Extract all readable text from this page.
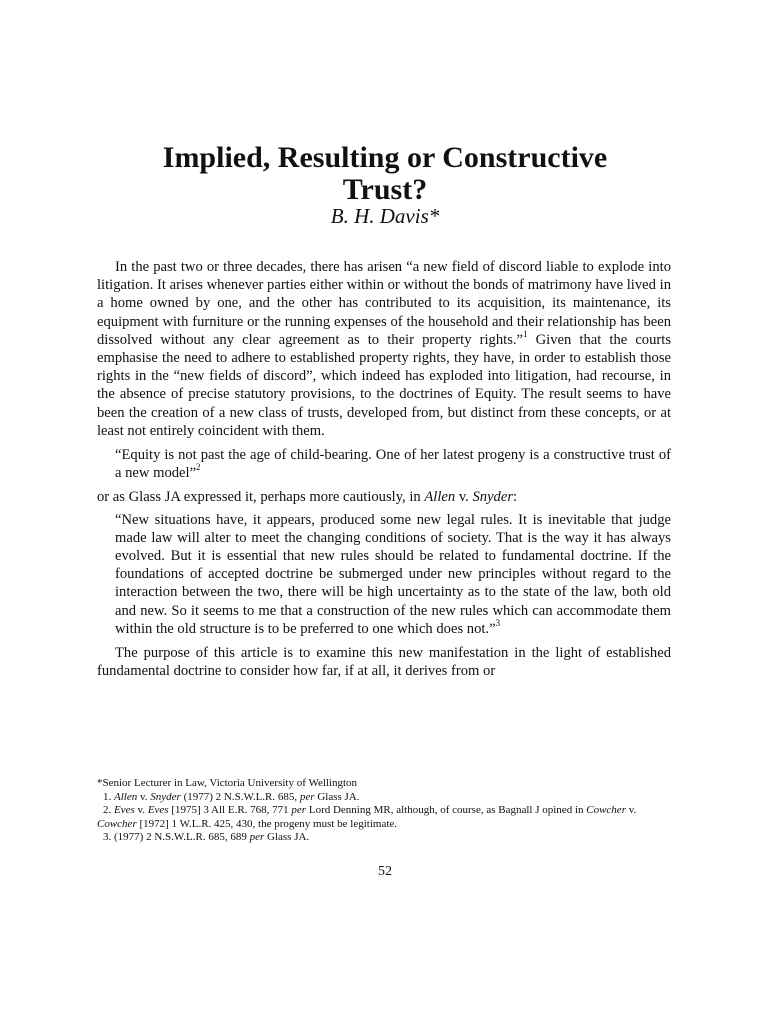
Implied, Resulting or Constructive
Trust?
B. H. Davis*

In the past two or three decades, there has arisen “a new field of discord liable to explode into litigation. It arises whenever parties either within or without the bonds of matrimony have lived in a home owned by one, and the other has contributed to its acquisition, its maintenance, its equipment with furniture or the running expenses of the household and their relationship has been dissolved without any clear agreement as to their property rights.”$^1$ Given that the courts emphasise the need to adhere to established property rights, they have, in order to establish those rights in the “new fields of discord”, which indeed has exploded into litigation, had recourse, in the absence of precise statutory provisions, to the doctrines of Equity. The result seems to have been the creation of a new class of trusts, developed from, but distinct from these concepts, or at least not entirely coincident with them.

“Equity is not past the age of child-bearing. One of her latest progeny is a constructive trust of a new model”$^2$

or as Glass JA expressed it, perhaps more cautiously, in Allen v. Snyder:

“New situations have, it appears, produced some new legal rules. It is inevitable that judge made law will alter to meet the changing conditions of society. That is the way it has always evolved. But it is essential that new rules should be related to fundamental doctrine. If the foundations of accepted doctrine be submerged under new principles without regard to the interaction between the two, there will be high uncertainty as to the state of the law, both old and new. So it seems to me that a construction of the new rules which can accommodate them within the old structure is to be preferred to one which does not.”$^3$

The purpose of this article is to examine this new manifestation in the light of established fundamental doctrine to consider how far, if at all, it derives from or

*Senior Lecturer in Law, Victoria University of Wellington
1. Allen v. Snyder (1977) 2 N.S.W.L.R. 685, per Glass JA.
2. Eves v. Eves [1975] 3 All E.R. 768, 771 per Lord Denning MR, although, of course, as Bagnall J opined in Cowcher v. Cowcher [1972] 1 W.L.R. 425, 430, the progeny must be legitimate.
3. (1977) 2 N.S.W.L.R. 685, 689 per Glass JA.
52
